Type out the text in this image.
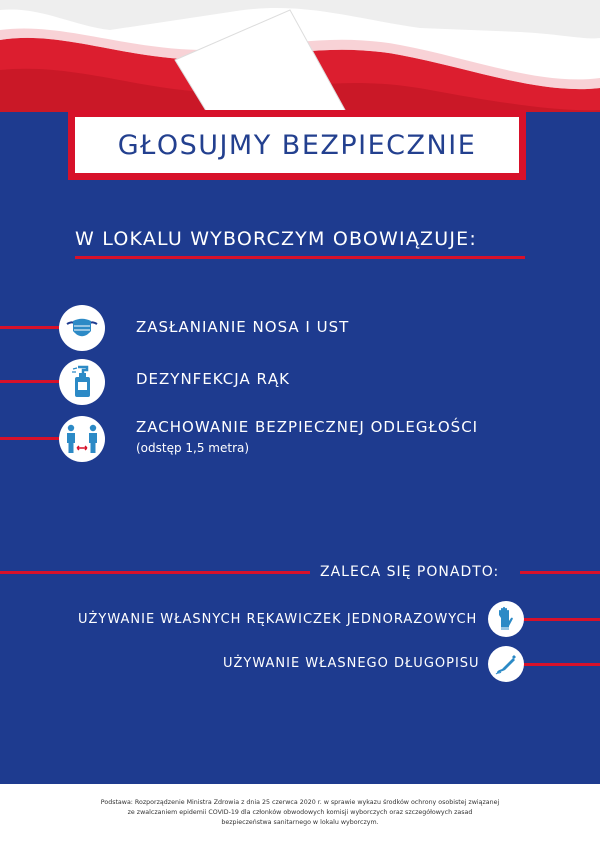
GŁOSUJMY BEZPIECZNIE
W LOKALU WYBORCZYM OBOWIĄZUJE:
ZASŁANIANIE NOSA I UST
DEZYNFEKCJA RĄK
ZACHOWANIE BEZPIECZNEJ ODLEGŁOŚCI
(odstęp 1,5 metra)
ZALECA SIĘ PONADTO:
UŻYWANIE WŁASNYCH RĘKAWICZEK JEDNORAZOWYCH
UŻYWANIE WŁASNEGO DŁUGOPISU
Podstawa: Rozporządzenie Ministra Zdrowia z dnia 25 czerwca 2020 r. w sprawie wykazu środków ochrony osobistej związanej
ze zwalczaniem epidemii COVID-19 dla członków obwodowych komisji wyborczych oraz szczegółowych zasad
bezpieczeństwa sanitarnego w lokalu wyborczym.
